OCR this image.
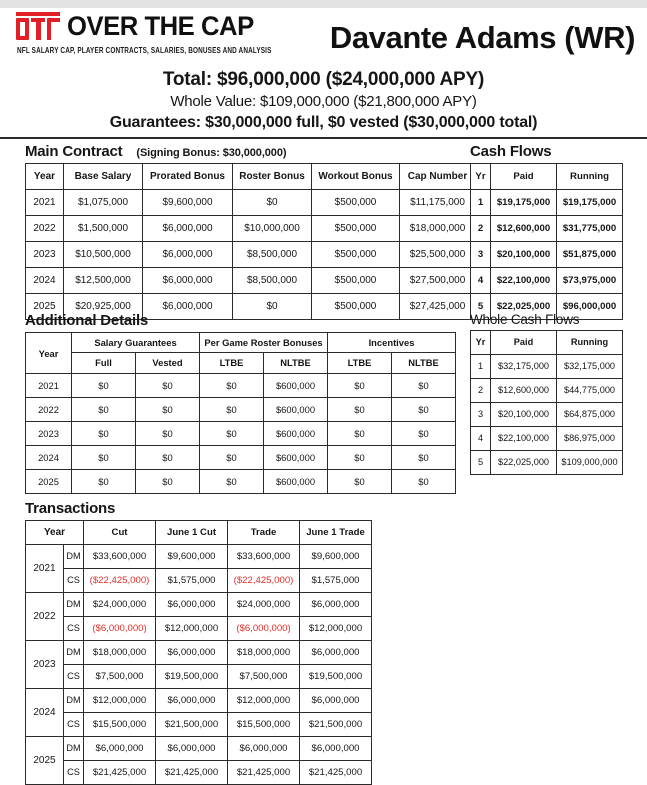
OVER THE CAP
NFL SALARY CAP, PLAYER CONTRACTS, SALARIES, BONUSES AND ANALYSIS	Davante Adams (WR)
Total: $96,000,000 ($24,000,000 APY)
Whole Value: $109,000,000 ($21,800,000 APY)
Guarantees: $30,000,000 full, $0 vested ($30,000,000 total)
Main Contract (Signing Bonus: $30,000,000)
Year	Base Salary	Prorated Bonus	Roster Bonus	Workout Bonus	Cap Number
2021	$1,075,000	$9,600,000	$0	$500,000	$11,175,000
2022	$1,500,000	$6,000,000	$10,000,000	$500,000	$18,000,000
2023	$10,500,000	$6,000,000	$8,500,000	$500,000	$25,500,000
2024	$12,500,000	$6,000,000	$8,500,000	$500,000	$27,500,000
2025	$20,925,000	$6,000,000	$0	$500,000	$27,425,000
Cash Flows
Yr	Paid	Running
1	$19,175,000	$19,175,000
2	$12,600,000	$31,775,000
3	$20,100,000	$51,875,000
4	$22,100,000	$73,975,000
5	$22,025,000	$96,000,000
Additional Details
Year	Salary Guarantees		Per Game Roster Bonuses		Incentives	
	Full	Vested	LTBE	NLTBE	LTBE	NLTBE
2021	$0	$0	$0	$600,000	$0	$0
2022	$0	$0	$0	$600,000	$0	$0
2023	$0	$0	$0	$600,000	$0	$0
2024	$0	$0	$0	$600,000	$0	$0
2025	$0	$0	$0	$600,000	$0	$0
Whole Cash Flows
Yr	Paid	Running
1	$32,175,000	$32,175,000
2	$12,600,000	$44,775,000
3	$20,100,000	$64,875,000
4	$22,100,000	$86,975,000
5	$22,025,000	$109,000,000
Transactions
Year		Cut	June 1 Cut	Trade	June 1 Trade
2021	DM	$33,600,000	$9,600,000	$33,600,000	$9,600,000
	CS	($22,425,000)	$1,575,000	($22,425,000)	$1,575,000
2022	DM	$24,000,000	$6,000,000	$24,000,000	$6,000,000
	CS	($6,000,000)	$12,000,000	($6,000,000)	$12,000,000
2023	DM	$18,000,000	$6,000,000	$18,000,000	$6,000,000
	CS	$7,500,000	$19,500,000	$7,500,000	$19,500,000
2024	DM	$12,000,000	$6,000,000	$12,000,000	$6,000,000
	CS	$15,500,000	$21,500,000	$15,500,000	$21,500,000
2025	DM	$6,000,000	$6,000,000	$6,000,000	$6,000,000
	CS	$21,425,000	$21,425,000	$21,425,000	$21,425,000
